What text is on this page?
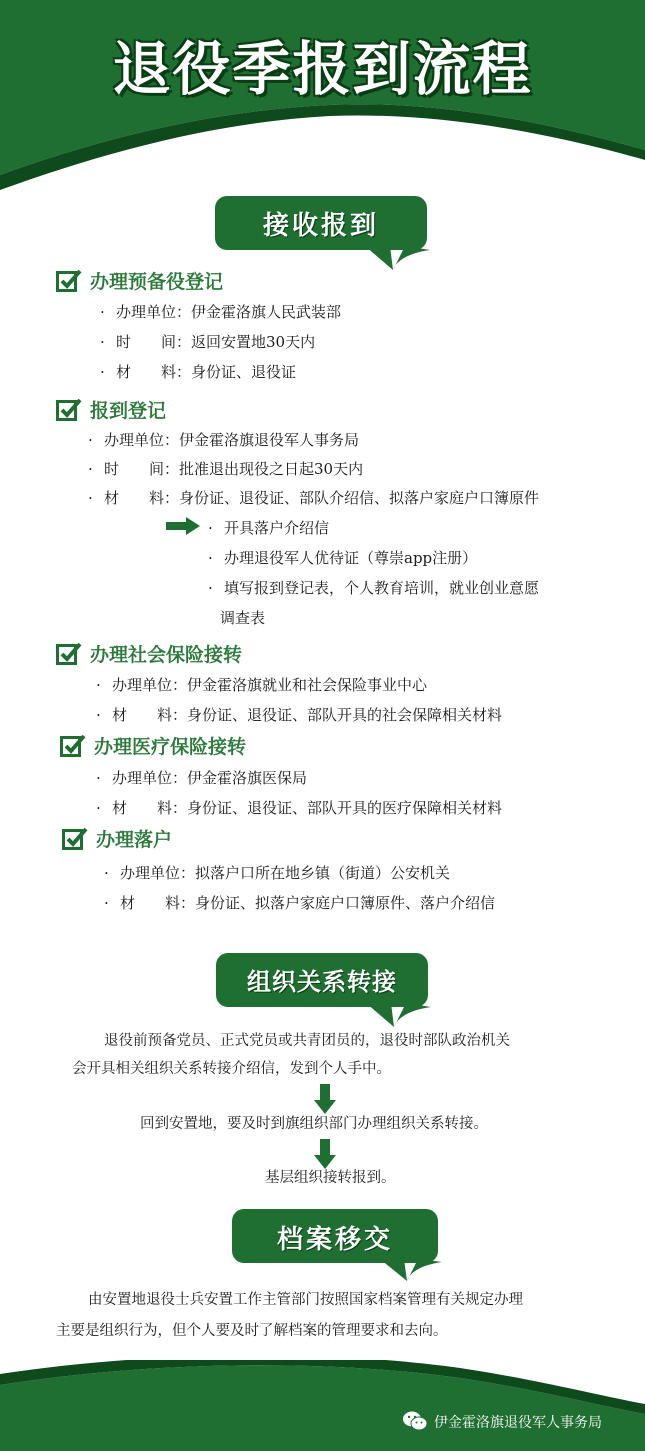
退役季报到流程
（一站式服务）
接收报到
办理预备役登记
· 办理单位：伊金霍洛旗人民武装部
· 时　　间：返回安置地30天内
· 材　　料：身份证、退役证
报到登记
· 办理单位：伊金霍洛旗退役军人事务局
· 时　　间：批准退出现役之日起30天内
· 材　　料：身份证、退役证、部队介绍信、拟落户家庭户口簿原件
· 开具落户介绍信
· 办理退役军人优待证（尊崇app注册）
· 填写报到登记表，个人教育培训，就业创业意愿
调查表
办理社会保险接转
· 办理单位：伊金霍洛旗就业和社会保险事业中心
· 材　　料：身份证、退役证、部队开具的社会保障相关材料
办理医疗保险接转
· 办理单位：伊金霍洛旗医保局
· 材　　料：身份证、退役证、部队开具的医疗保障相关材料
办理落户
· 办理单位：拟落户口所在地乡镇（街道）公安机关
· 材　　料：身份证、拟落户家庭户口簿原件、落户介绍信
组织关系转接
退役前预备党员、正式党员或共青团员的，退役时部队政治机关
会开具相关组织关系转接介绍信，发到个人手中。
回到安置地，要及时到旗组织部门办理组织关系转接。
基层组织接转报到。
档案移交
由安置地退役士兵安置工作主管部门按照国家档案管理有关规定办理
主要是组织行为，但个人要及时了解档案的管理要求和去向。
伊金霍洛旗退役军人事务局
